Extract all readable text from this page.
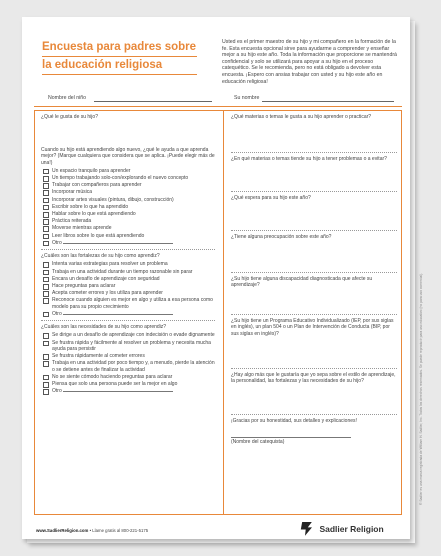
Encuesta para padres sobre
la educación religiosa
Usted es el primer maestro de su hijo y mi compañero en la formación de la fe. Esta encuesta opcional sirve para ayudarme a comprender y enseñar mejor a su hijo este año. Toda la información que proporcione se mantendrá confidencial y solo se utilizará para apoyar a su hijo en el proceso catequético. Se le recomienda, pero no está obligado a devolver esta encuesta. ¡Espero con ansias trabajar con usted y su hijo este año en educación religiosa!
Nombre del niño	Su nombre

¿Qué le gusta de su hijo?

Cuando su hijo está aprendiendo algo nuevo, ¿qué le ayuda a que aprenda mejor? (Marque cualquiera que considera que se aplica. ¡Puede elegir más de una!)

Un espacio tranquilo para aprender
Un tiempo trabajando solo-con/explorando el nuevo concepto
Trabajar con compañeros para aprender
Incorporar música
Incorporar artes visuales (pintura, dibujo, construcción)
Escribir sobre lo que ha aprendido
Hablar sobre lo que está aprendiendo
Práctica reiterada
Moverse mientras aprende
Leer libros sobre lo que está aprendiendo
Otro

¿Cuáles son las fortalezas de su hijo como aprendiz?

Intenta varias estrategias para resolver un problema
Trabaja en una actividad durante un tiempo razonable sin parar
Encara un desafío de aprendizaje con seguridad
Hace preguntas para aclarar
Acepta cometer errores y los utiliza para aprender
Reconoce cuando alguien es mejor en algo y utiliza a esa persona como modelo para su propio crecimiento
Otro

¿Cuáles son las necesidades de su hijo como aprendiz?

Se dirige a un desafío de aprendizaje con indecisión o evade dignamente
Se frustra rápida y fácilmente al resolver un problema y necesita mucha ayuda para persistir
Se frustra rápidamente al cometer errores
Trabaja en una actividad por poco tiempo y, a menudo, pierde la atención o se detiene antes de finalizar la actividad
No se siente cómodo haciendo preguntas para aclarar
Piensa que solo una persona puede ser la mejor en algo
Otro

¿Qué materias o temas le gusta a su hijo aprender o practicar?

¿En qué materias o temas tiende su hijo a tener problemas o a evitar?

¿Qué espera para su hijo este año?

¿Tiene alguna preocupación sobre este año?

¿Su hijo tiene alguna discapacidad diagnosticada que afecte su aprendizaje?

¿Su hijo tiene un Programa Educativo Individualizado (IEP, por sus siglas en inglés), un plan 504 o un Plan de Intervención de Conducta (BIP, por sus siglas en inglés)?

¿Hay algo más que le gustaría que yo sepa sobre el estilo de aprendizaje, la personalidad, las fortalezas y las necesidades de su hijo?

¡Gracias por su honestidad, sus detalles y explicaciones!

(Nombre del catequista)

www.SadlierReligion.com • Llame gratis al 800-221-5175	Sadlier Religion
® Sadlier es una marca registrada de William H. Sadlier, Inc. Todos los derechos reservados. Se puede reproducir para uso educativo (no para uso comercial).
